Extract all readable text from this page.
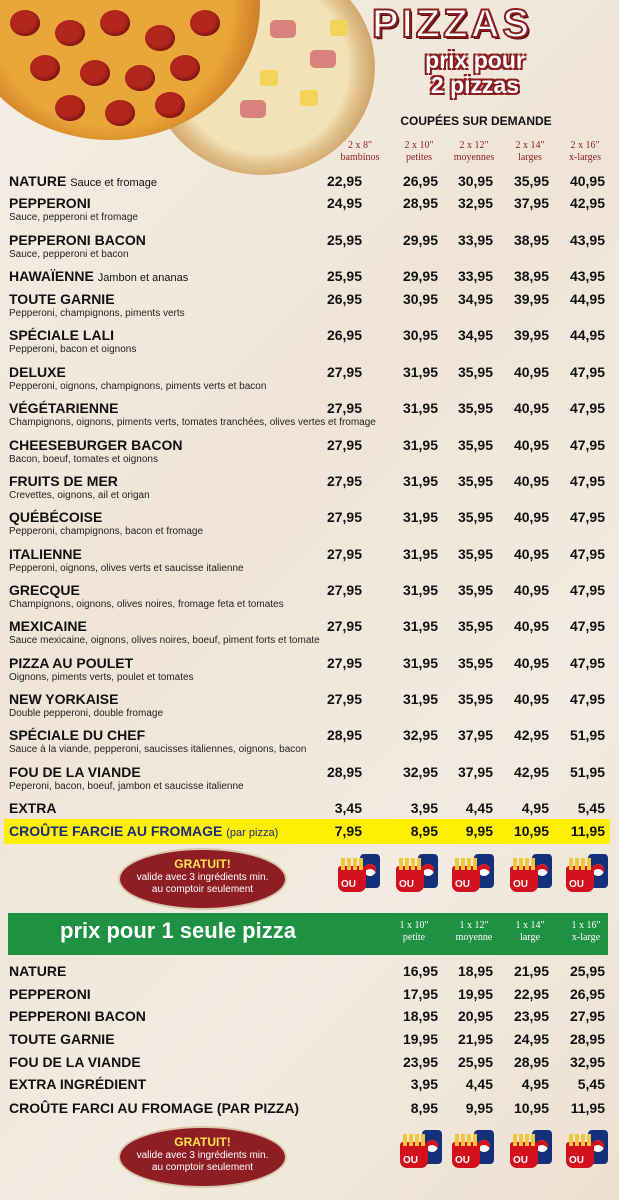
PIZZAS
prix pour
2 pizzas
COUPÉES SUR DEMANDE
2 x 8"
bambinos
2 x 10"
petites
2 x 12"
moyennes
2 x 14"
larges
2 x 16"
x-larges
NATURE Sauce et fromage	22,95	26,95	30,95	35,95	40,95
PEPPERONI
Sauce, pepperoni et fromage
24,95	28,95	32,95	37,95	42,95
PEPPERONI BACON
Sauce, pepperoni et bacon
25,95	29,95	33,95	38,95	43,95
HAWAÏENNE Jambon et ananas	25,95	29,95	33,95	38,95	43,95
TOUTE GARNIE
Pepperoni, champignons, piments verts
26,95	30,95	34,95	39,95	44,95
SPÉCIALE LALI
Pepperoni, bacon et oignons
26,95	30,95	34,95	39,95	44,95
DELUXE
Pepperoni, oignons, champignons, piments verts et bacon
27,95	31,95	35,95	40,95	47,95
VÉGÉTARIENNE
Champignons, oignons, piments verts, tomates tranchées, olives vertes et fromage
27,95	31,95	35,95	40,95	47,95
CHEESEBURGER BACON
Bacon, boeuf, tomates et oignons
27,95	31,95	35,95	40,95	47,95
FRUITS DE MER
Crevettes, oignons, ail et origan
27,95	31,95	35,95	40,95	47,95
QUÉBÉCOISE
Pepperoni, champignons, bacon et fromage
27,95	31,95	35,95	40,95	47,95
ITALIENNE
Pepperoni, oignons, olives verts et saucisse italienne
27,95	31,95	35,95	40,95	47,95
GRECQUE
Champignons, oignons, olives noires, fromage feta et tomates
27,95	31,95	35,95	40,95	47,95
MEXICAINE
Sauce mexicaine, oignons, olives noires, boeuf, piment forts et tomate
27,95	31,95	35,95	40,95	47,95
PIZZA AU POULET
Oignons, piments verts, poulet et tomates
27,95	31,95	35,95	40,95	47,95
NEW YORKAISE
Double pepperoni, double fromage
27,95	31,95	35,95	40,95	47,95
SPÉCIALE DU CHEF
Sauce à la viande, pepperoni, saucisses italiennes, oignons, bacon
28,95	32,95	37,95	42,95	51,95
FOU DE LA VIANDE
Peperoni, bacon, boeuf, jambon et saucisse italienne
28,95	32,95	37,95	42,95	51,95
EXTRA	3,45	3,95	4,45	4,95	5,45
CROÛTE FARCIE AU FROMAGE (par pizza)	7,95	8,95	9,95	10,95	11,95
GRATUIT!
valide avec 3 ingrédients min.
au comptoir seulement	OU	OU	OU	OU	OU
prix pour 1 seule pizza	1 x 10"
petite
1 x 12"
moyenne
1 x 14"
large
1 x 16"
x-large
NATURE	16,95	18,95	21,95	25,95
PEPPERONI	17,95	19,95	22,95	26,95
PEPPERONI BACON	18,95	20,95	23,95	27,95
TOUTE GARNIE	19,95	21,95	24,95	28,95
FOU DE LA VIANDE	23,95	25,95	28,95	32,95
EXTRA INGRÉDIENT	3,95	4,45	4,95	5,45
CROÛTE FARCI AU FROMAGE (PAR PIZZA)	8,95	9,95	10,95	11,95
GRATUIT!
valide avec 3 ingrédients min.
au comptoir seulement
OU	OU	OU	OU
